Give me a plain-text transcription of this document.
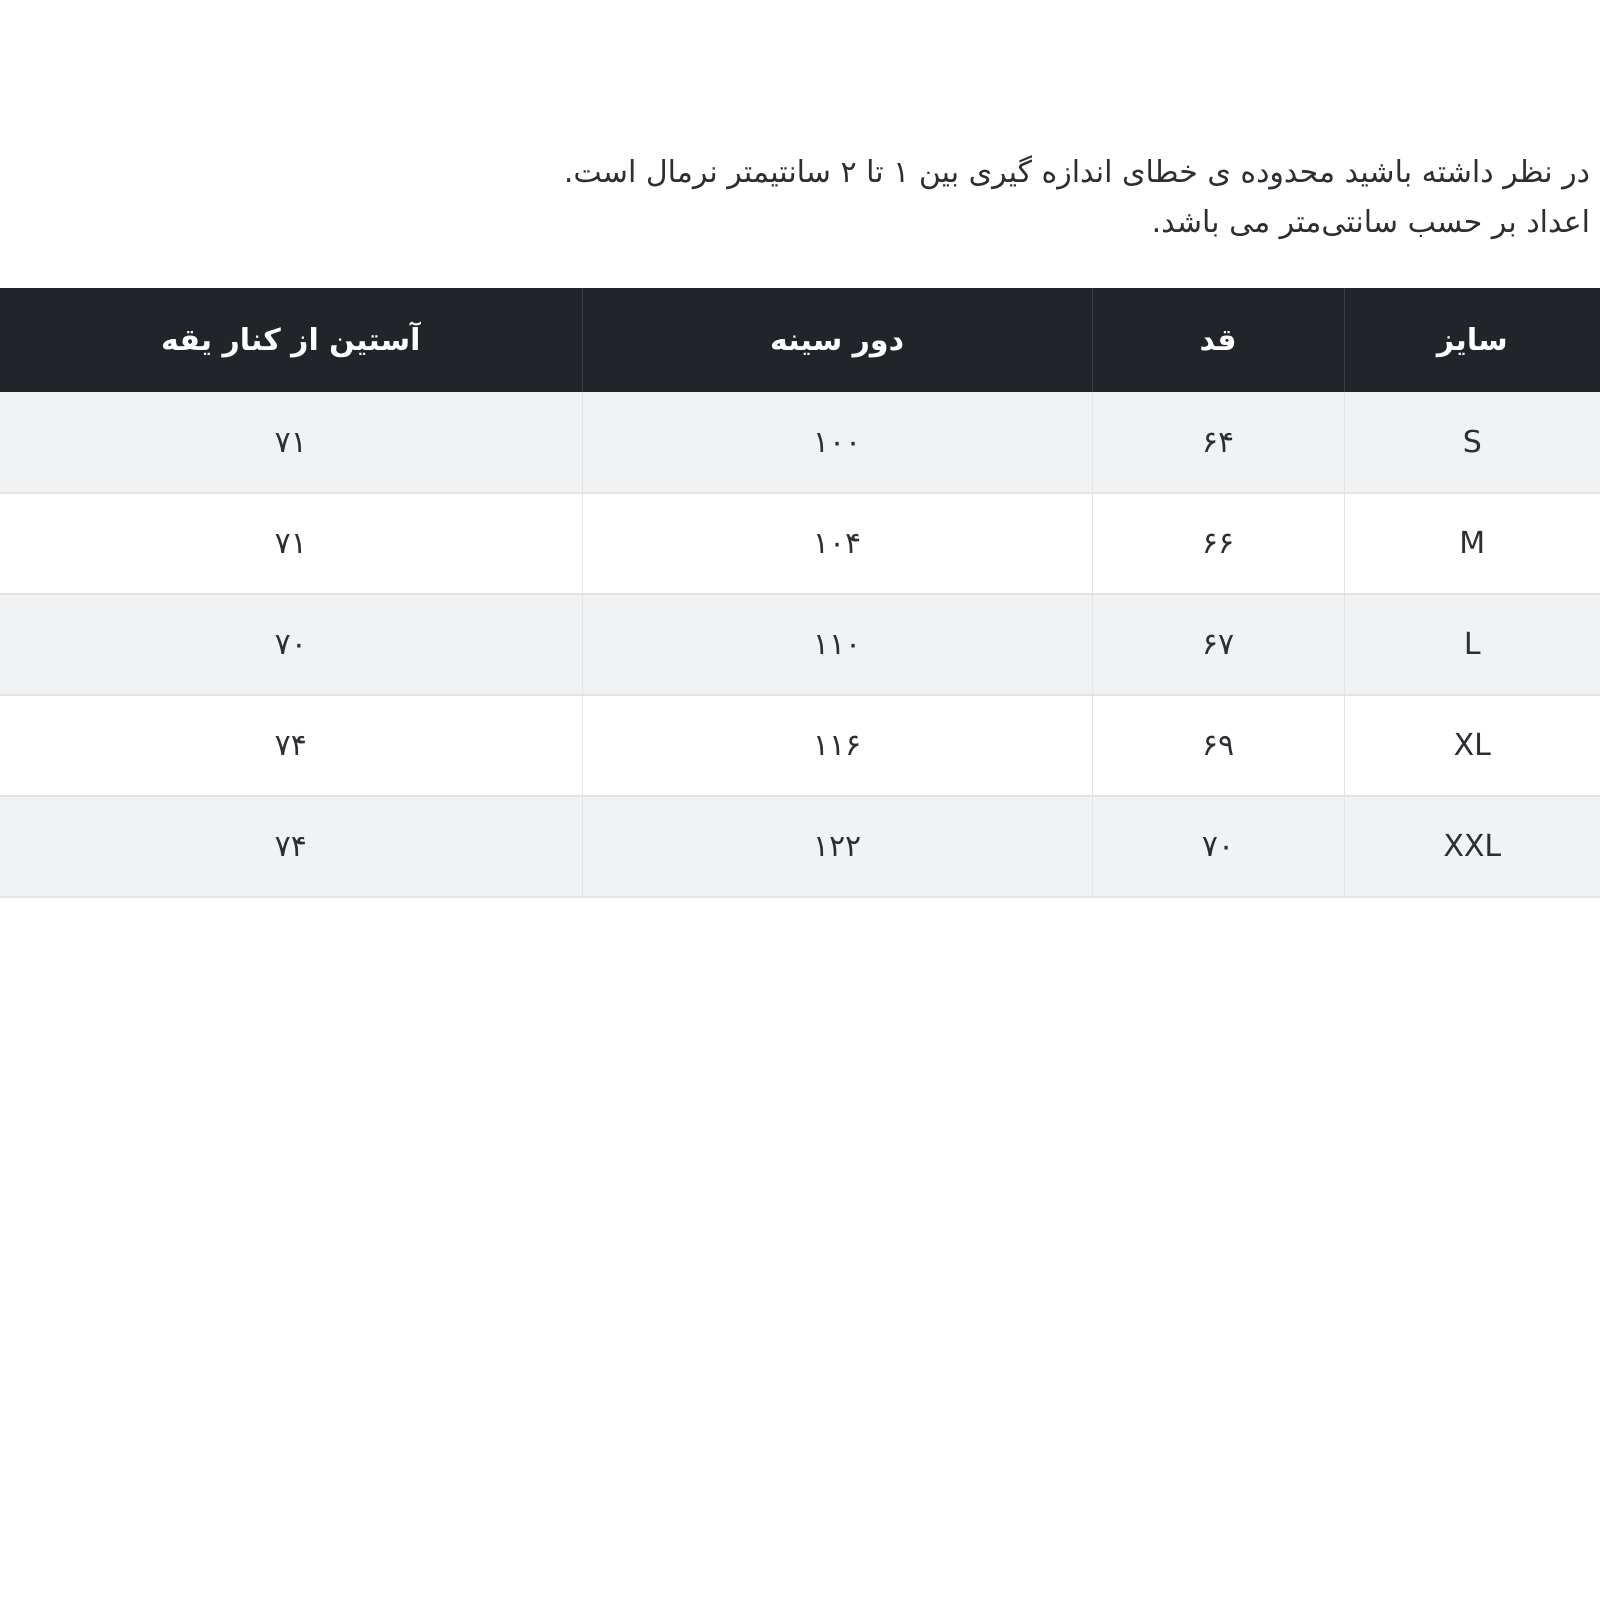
در نظر داشته باشید محدوده ی خطای اندازه گیری بین ۱ تا ۲ سانتیمتر نرمال است.

اعداد بر حسب سانتی‌متر می باشد.

سایز	قد	دور سینه	آستین از کنار یقه
S	۶۴	۱۰۰	۷۱
M	۶۶	۱۰۴	۷۱
L	۶۷	۱۱۰	۷۰
XL	۶۹	۱۱۶	۷۴
XXL	۷۰	۱۲۲	۷۴
